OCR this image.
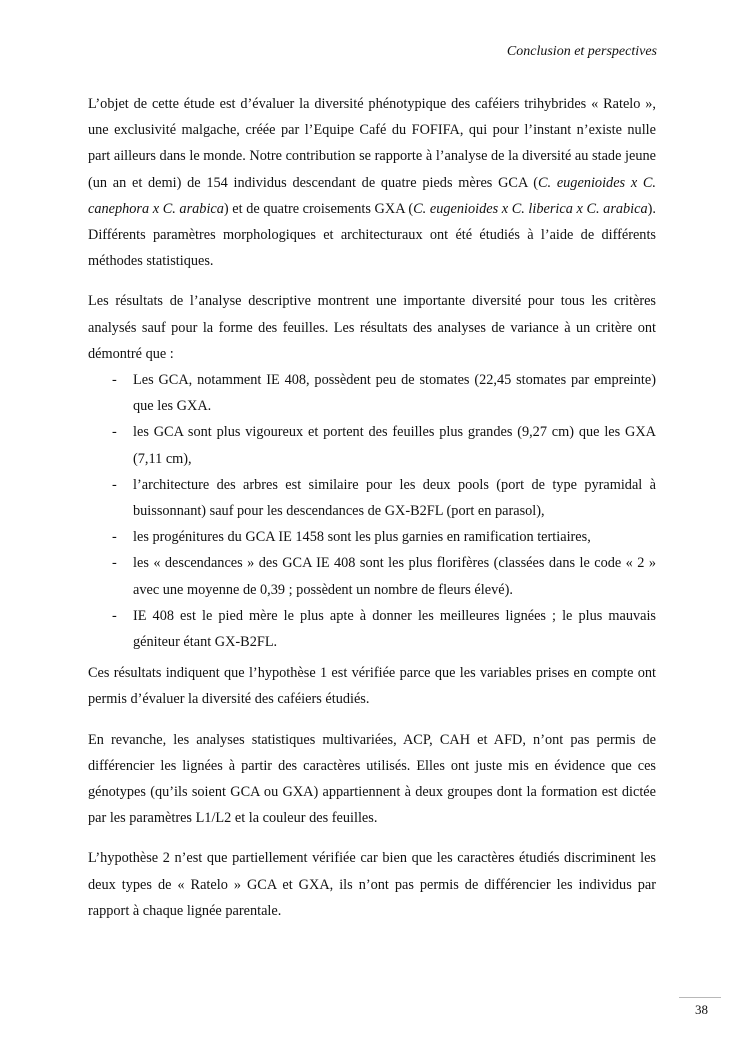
Conclusion et perspectives

L’objet de cette étude est d’évaluer la diversité phénotypique des caféiers trihybrides « Ratelo », une exclusivité malgache, créée par l’Equipe Café du FOFIFA, qui pour l’instant n’existe nulle part ailleurs dans le monde. Notre contribution se rapporte à l’analyse de la diversité au stade jeune (un an et demi) de 154 individus descendant de quatre pieds mères GCA (C. eugenioides x C. canephora x C. arabica) et de quatre croisements GXA (C. eugenioides x C. liberica x C. arabica). Différents paramètres morphologiques et architecturaux ont été étudiés à l’aide de différents méthodes statistiques.

Les résultats de l’analyse descriptive montrent une importante diversité pour tous les critères analysés sauf pour la forme des feuilles. Les résultats des analyses de variance à un critère ont démontré que :

- Les GCA, notamment IE 408, possèdent peu de stomates (22,45 stomates par empreinte) que les GXA.
- les GCA sont plus vigoureux et portent des feuilles plus grandes (9,27 cm) que les GXA (7,11 cm),
- l’architecture des arbres est similaire pour les deux pools (port de type pyramidal à buissonnant) sauf pour les descendances de GX-B2FL (port en parasol),
- les progénitures du GCA IE 1458 sont les plus garnies en ramification tertiaires,
- les « descendances » des GCA IE 408 sont les plus florifères (classées dans le code « 2 » avec une moyenne de 0,39 ; possèdent un nombre de fleurs élevé).
- IE 408 est le pied mère le plus apte à donner les meilleures lignées ; le plus mauvais géniteur étant GX-B2FL.

Ces résultats indiquent que l’hypothèse 1 est vérifiée parce que les variables prises en compte ont permis d’évaluer la diversité des caféiers étudiés.

En revanche, les analyses statistiques multivariées, ACP, CAH et AFD, n’ont pas permis de différencier les lignées à partir des caractères utilisés. Elles ont juste mis en évidence que ces génotypes (qu’ils soient GCA ou GXA) appartiennent à deux groupes dont la formation est dictée par les paramètres L1/L2 et la couleur des feuilles.

L’hypothèse 2 n’est que partiellement vérifiée car bien que les caractères étudiés discriminent les deux types de « Ratelo » GCA et GXA, ils n’ont pas permis de différencier les individus par rapport à chaque lignée parentale.

38
